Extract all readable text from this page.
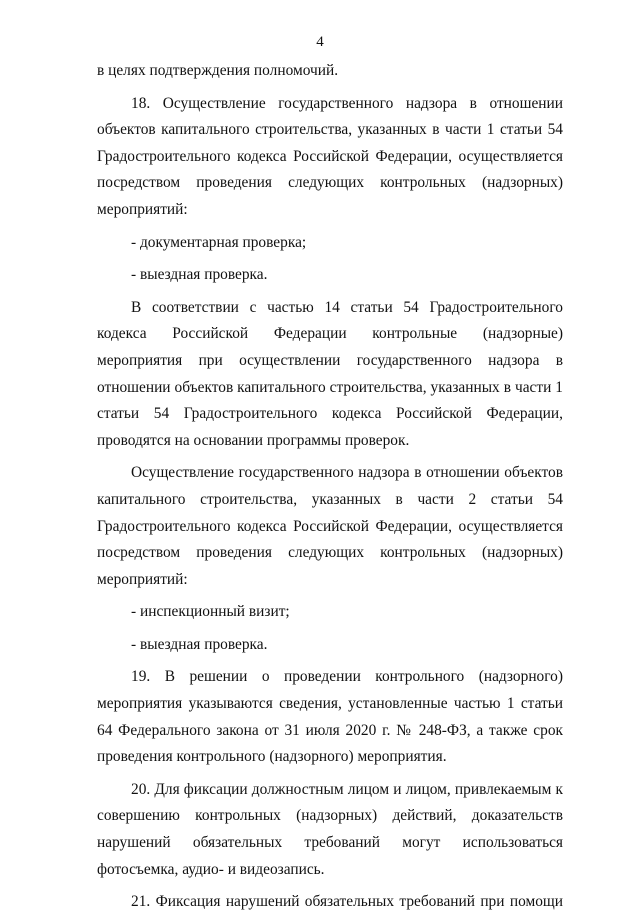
4

в целях подтверждения полномочий.

18. Осуществление государственного надзора в отношении объектов капитального строительства, указанных в части 1 статьи 54 Градостроительного кодекса Российской Федерации, осуществляется посредством проведения следующих контрольных (надзорных) мероприятий:

- документарная проверка;

- выездная проверка.

В соответствии с частью 14 статьи 54 Градостроительного кодекса Российской Федерации контрольные (надзорные) мероприятия при осуществлении государственного надзора в отношении объектов капитального строительства, указанных в части 1 статьи 54 Градостроительного кодекса Российской Федерации, проводятся на основании программы проверок.

Осуществление государственного надзора в отношении объектов капитального строительства, указанных в части 2 статьи 54 Градостроительного кодекса Российской Федерации, осуществляется посредством проведения следующих контрольных (надзорных) мероприятий:

- инспекционный визит;

- выездная проверка.

19. В решении о проведении контрольного (надзорного) мероприятия указываются сведения, установленные частью 1 статьи 64 Федерального закона от 31 июля 2020 г. № 248-ФЗ, а также срок проведения контрольного (надзорного) мероприятия.

20. Для фиксации должностным лицом и лицом, привлекаемым к совершению контрольных (надзорных) действий, доказательств нарушений обязательных требований могут использоваться фотосъемка, аудио- и видеозапись.

21. Фиксация нарушений обязательных требований при помощи
